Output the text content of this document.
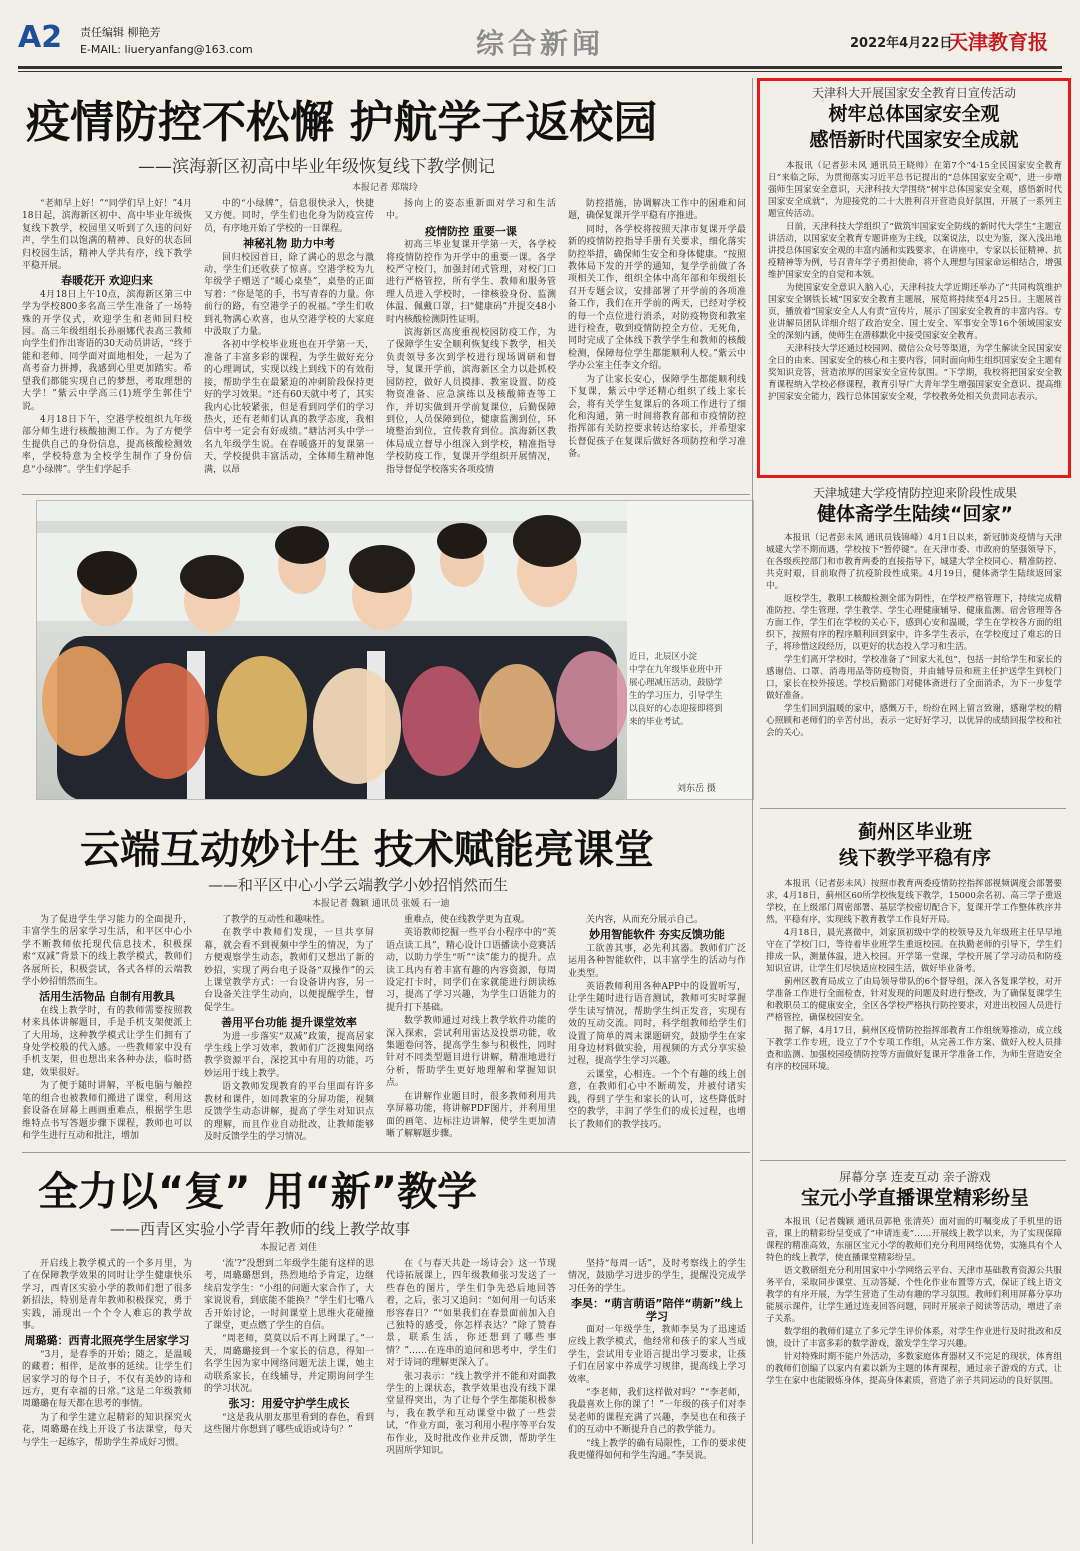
A2 责任编辑 柳艳芳
E-MAIL: liueryanfang@163.com	综合新闻	2022年4月22日
天津教育报
疫情防控不松懈 护航学子返校园
——滨海新区初高中毕业年级恢复线下教学侧记
本报记者 郑瑞玲

“老师早上好！”“同学们早上好！”4月18日起，滨海新区初中、高中毕业年级恢复线下教学，校园里又听到了久违的问好声，学生们以饱满的精神、良好的状态回归校园生活，精神人学共有序，线下教学平稳开展。

春暖花开 欢迎归来

4月18日上午10点，滨海新区第三中学为学校800多名高三学生准备了一场特殊的开学仪式，欢迎学生和老师回归校园。高三年级组组长孙丽娜代表高三教师向学生们作出寄语的30天动员讲话，“终于能和老师、同学面对面地相处，一起为了高考奋力拼搏，我感到心里更加踏实。希望我们都能实现自己的梦想，考取理想的大学！”紫云中学高三(1)班学生郭佳宁说。

4月18日下午，空港学校组织九年级部分师生进行核酸抽测工作。为了方便学生提供自己的身份信息，提高核酸检测效率，学校特意为全校学生制作了身份信息“小绿牌”。学生们学起手

中的“小绿牌”，信息很快录入，快捷又方便。同时，学生们也化身为防疫宣传员，有序地开始了学校的一日课程。

神秘礼物 助力中考

回归校园首日，除了满心的思念与激动，学生们还收获了惊喜。空港学校为九年级学子赠送了“暖心桌垫”，桌垫的正面写着：“你是笔的手，书写青春的力量。你前行的路，有空港学子的祝福。”学生们收到礼物满心欢喜，也从空港学校的大家庭中汲取了力量。

各初中学校毕业班也在开学第一天，准备了丰富多彩的课程，为学生做好充分的心理调试，实现以线上到线下的有效衔接，帮助学生在最紧迫的冲刺阶段保持更好的学习效果。“还有60天就中考了，其实我内心比较紧张，但是看到同学们的学习热火，还有老师们认真的教学态度，我相信中考一定会有好成绩。”塘沽河头中学一名九年级学生说。在春暖盛开的复课第一天，学校提供丰富活动，全体师生精神饱满，以昂

扬向上的姿态重新面对学习和生活中。

疫情防控 重要一课

初高三毕业复课开学第一天，各学校将疫情防控作为开学中的重要一课。各学校严守校门，加强封闭式管理，对校门口进行严格管控，所有学生、教师和服务管理人员进入学校时，一律核验身份、监测体温、佩戴口罩，扫“健康码”并提交48小时内核酸检测阴性证明。

滨海新区高度重视校园防疫工作，为了保障学生安全顺利恢复线下教学，相关负责领导多次到学校进行现场调研和督导，复课开学前，滨海新区全力以赴抓校园防控，做好人员摸排、教室设置、防疫物资准备、应急演练以及核酸筛查等工作，并切实做到开学前复课位，后勤保障到位，人员保障到位，健康监测到位，环境整治到位，宣传教育到位。滨海新区教体局成立督导小组深入到学校，精准指导学校防疫工作，复课开学组织开展情况，指导督促学校落实各项疫情

防控措施，协调解决工作中的困难和问题，确保复课开学平稳有序推进。

同时，各学校将按照天津市复课开学最新的疫情防控指导手册有关要求，细化落实防控举措，确保师生安全和身体健康。“按照教体局下发的开学的通知，复学学前做了各项相关工作，组织全体中高年部和年级组长召开专题会议，安排部署了开学前的各项准备工作，我们在开学前的两天，已经对学校的每一个点位进行消杀，对防疫物资和教室进行检查，敬到疫情防控全方位、无死角，同时完成了全体线下教学学生和教师的核酸检测，保障每位学生都能顺利人校。”紫云中学办公室主任李文介绍。

为了让家长安心，保障学生都能顺利线下复课，紫云中学还精心组织了线上家长会，将有关学生复课后的各项工作进行了细化和沟通，第一时间将教育部和市疫情防控指挥部有关防控要求转达给家长，并希望家长督促孩子在复课后做好各项防控和学习准备。

天津科大开展国家安全教育日宣传活动
树牢总体国家安全观
感悟新时代国家安全成就

本报讯（记者彭未风 通讯员王晓帅）在第7个“4·15全民国家安全教育日”来临之际，为贯彻落实习近平总书记提出的“总体国家安全观”，进一步增强师生国家安全意识，天津科技大学围绕“树牢总体国家安全观，感悟新时代国家安全成就”，为迎接党的二十大胜利召开营造良好氛围，开展了一系列主题宣传活动。

日前，天津科技大学组织了“做筑牢国家安全防线的新时代大学生”主题宣讲活动，以国家安全教育专题讲座为主线，以案说法，以史为鉴，深入浅出地讲授总体国家安全观的丰富内涵和实践要求，在讲座中，专家以长征精神、抗疫精神等为例，号召青年学子勇担使命，将个人理想与国家命运相结合，增强维护国家安全的自觉和本领。

为使国家安全意识入脑入心，天津科技大学近期还举办了“共同构筑维护国家安全钢铁长城”国家安全教育主题展，展览将持续至4月25日。主题展首页，播放着“国家安全人人有责”宣传片，展示了国家安全教育的丰富内容。专业讲解员团队详细介绍了政治安全、国土安全、军事安全等16个领域国家安全的深刻内涵，使师生在潜移默化中接受国家安全教育。

天津科技大学还通过校园网、微信公众号等渠道，为学生解读全民国家安全日的由来、国家安全的核心和主要内容，同时面向师生组织国家安全主题有奖知识竞答，营造浓厚的国家安全宣传氛围。“下学期，我校将把国家安全教育课程纳入学校必修课程，教育引导广大青年学生增强国家安全意识、提高维护国家安全能力，践行总体国家安全观，学校教务处相关负责同志表示。

近日，北辰区小淀
中学在九年级毕业班中开
展心理减压活动，鼓励学
生的学习压力，引导学生
以良好的心态迎接即将到
来的毕业考试。
刘东岳 摄
天津城建大学疫情防控迎来阶段性成果
健体斋学生陆续“回家”

本报讯（记者彭未风 通讯员钱锦峰）4月1日以来，新冠肺炎疫情与天津城建大学不期而遇，学校按下“暂停键”。在天津市委、市政府的坚强领导下，在各级疾控部门和市教育两委的直接指导下，城建大学全校同心、精准防控、共克时艰，目前取得了抗疫阶段性成果。4月19日，健体斋学生陆续返回家中。

返校学生，教职工核酸检测全部为阴性，在学校严格管理下，持续完成精准防控、学生管理、学生教学、学生心理健康辅导、健康监测、宿舍管理等各方面工作，学生们在学校的关心下，感到心安和温暖，学生在学校各方面的组织下，按照有序的程序顺利回到家中，许多学生表示，在学校度过了难忘的日子，将珍惜这段经历，以更好的状态投入学习和生活。

学生们离开学校时，学校准备了“回家大礼包”，包括一封给学生和家长的感谢信、口罩、消毒用品等防疫物资，并由辅导员和班主任护送学生到校门口，家长在校外接送。学校后勤部门对健体斋进行了全面消杀，为下一步复学做好准备。

学生们回到温暖的家中，感慨万千，纷纷在网上留言致谢，感谢学校的精心照顾和老师们的辛苦付出，表示一定好好学习，以优异的成绩回报学校和社会的关心。

云端互动妙计生 技术赋能亮课堂
——和平区中心小学云端教学小妙招悄然而生
本报记者 魏颖 通讯员 张媛 石一迪

为了促进学生学习能力的全面提升，丰富学生的居家学习生活，和平区中心小学不断教师依托现代信息技术，积极探索“双减”背景下的线上教学模式，教师们各展所长，积极尝试，各式各样的云端教学小妙招悄然而生。

活用生活物品 自制有用教具

在线上教学时，有的教师需要按照教材来具体讲解题目，手是手机支架便派上了大用场，这种教学模式让学生们拥有了身处学校般的代入感。一些教师家中没有手机支架，但也想出来各种办法，临时搭建，效果很好。

为了便于随时讲解，平板电脑与触控笔的组合也被教师们搬进了课堂，利用这套设备在屏幕上画画重难点，根据学生思维特点书写答题步骤下课程，教师也可以和学生进行互动和批注，增加

了教学的互动性和趣味性。

在教学中教师们发现，一旦共享屏幕，就会看不到视频中学生的情况，为了方便观察学生动态，教师们又想出了新的妙招，实现了两台电子设备“双操作”的云上课堂教学方式：一台设备讲内容，另一台设备关注学生动向，以便提醒学生，督促学生。

善用平台功能 提升课堂效率

为进一步落实“双减”政策，提高居家学生线上学习效率，教师们广泛搜集网络教学资源平台，深挖其中有用的功能，巧妙运用于线上教学。

语文教师发现教育的平台里面有许多教材和课件，如同教室的分屏功能，视频反馈学生动态讲解，提高了学生对知识点的理解，而且作业自动批改，让教师能够及时反馈学生的学习情况。

重难点，使在线教学更为直观。

英语教师挖掘一些平台小程序中的“英语点读工具”，精心设计口语播读小竞赛活动，以助力学生“听”“读”能力的提升。点读工具内有着丰富有趣的内容资源，每周设定打卡时，同学们在家就能进行朗读练习，提高了学习兴趣，为学生口语能力的提升打下基础。

数学教师通过对线上教学软件功能的深入探索，尝试利用雷达及投票功能，收集题卷问答，提高学生参与积极性，同时针对不同类型题目进行讲解，精准地进行分析，帮助学生更好地理解和掌握知识点。

在讲解作业题目时，很多教师利用共享屏幕功能，将讲解PDF图片，并利用里面的画笔、边标注边讲解，使学生更加清晰了解解题步骤。

关内容，从而充分展示自己。

妙用智能软件 夯实反馈功能

工欲善其事，必先利其器。教师们广泛运用各种智能软件，以丰富学生的活动与作业类型。

英语教师利用各种APP中的设置听写，让学生随时进行语音测试，教师可实时掌握学生读写情况，帮助学生纠正发音，实现有效的互动交流。同时，科学组教师给学生们设置了简单的周末课题研究，鼓励学生在家用身边材料做实验，用视频的方式分享实验过程，提高学生学习兴趣。

云课堂，心相连。一个个有趣的线上创意，在教师们心中不断萌发，并被付诸实践，得到了学生和家长的认可，这些降低时空的教学，丰润了学生们的成长过程，也增长了教师们的教学技巧。

蓟州区毕业班
线下教学平稳有序

本报讯（记者彭未风）按照市教育两委疫情防控指挥部视频调度会部署要求，4月18日，蓟州区60所学校恢复线下教学，15000余名初、高三学子重返学校，在上级部门周密部署、基层学校密切配合下，复课开学工作整体秩序井然，平稳有序，实现线下教育教学工作良好开局。

4月18日，晨光熹微中，刘家顶初级中学的校领导及九年级班主任早早地守在了学校门口，等待着毕业班学生重返校园。在执勤老师的引导下，学生们排成一队，测量体温，进入校园。开学第一堂课，学校开展了学习动员和防疫知识宣讲，让学生们尽快适应校园生活，做好毕业备考。

蓟州区教育局成立了由局领导带队的6个督导组，深入各复课学校，对开学准备工作进行全面检查，针对发现的问题及时进行整改，为了确保复课学生和教职员工的健康安全，全区各学校严格执行防控要求，对进出校园人员进行严格管控，确保校园安全。

据了解，4月17日，蓟州区疫情防控指挥部教育工作组统筹推动，成立线下教学工作专班，设立了7个专项工作组，从完善工作方案、做好入校人员排查和监测、加强校园疫情防控等方面做好复课开学准备工作，为师生营造安全有序的校园环境。

全力以“复” 用“新”教学
——西青区实验小学青年教师的线上教学故事
本报记者 刘佳

开启线上教学模式的一个多月里，为了在保障教学效果的同时让学生健康快乐学习，西青区实验小学的教师们想了很多新招法，特别是青年教师积极探究，勇于实践，涌现出一个个令人难忘的教学故事。

周璐璐：西青北照亮学生居家学习

“3月，是春季的开始；随之，是温暖的藏着；相伴，是故事的延续。让学生们居家学习的每个日子，不仅有美妙的诗和远方，更有幸福的日常。”这是二年级教师周璐璐在每天都在思考的事情。

为了和学生建立起精彩的知识探究火花，周璐璐在线上开设了书法课堂，每天与学生一起练字，帮助学生养成好习惯。

‘流’?”没想到二年级学生能有这样的思考，周璐璐想到，热烈地给予肯定，边继续启发学生：“小组的问题大家合作了，大家说说看，到底能不能换？”学生们七嘴八舌开始讨论，一时间课堂上思维火花碰撞了课堂，更点燃了学生的自信。

“周老师，莫莫以后不再上网课了。”一天，周璐璐接到一个家长的信息，得知一名学生因为家中网络问题无法上课，她主动联系家长，在线辅导，并定期询问学生的学习状况。

张习：用爱守护学生成长

“这是我从朋友那里看到的春色，看到这些图片你想到了哪些成语或诗句？”

在《与春天共赴一场诗会》这一节现代诗拓展课上，四年级教师张习发送了一些春色的图片，学生们争先恐后地回答着，之后，张习又追问：“如何用一句话来形容春日？”“如果我们在春景面前加入自己独特的感受，你怎样表达？”除了赞春景，联系生活，你还想到了哪些事情？”……在连串的追问和思考中，学生们对于诗词的理解更深入了。

张习表示：“线上教学并不能和对面教学生的上课状态，教学效果也没有线下课堂显得突出，为了让每个学生都能积极参与，我在教学和互动课堂中做了一些尝试，“作业方面，张习利用小程序等平台发布作业，及时批改作业并反馈，帮助学生巩固所学知识。

坚持“每周一话”，及时考察线上的学生情况，鼓励学习进步的学生，提醒没完成学习任务的学生。

李昊：“萌言萌语”陪伴“萌新”线上学习

面对一年级学生，教师李昊为了迅速适应线上教学模式，他经常和孩子的家人当成学生，尝试用专业语言提出学习要求，让孩子们在居家中养成学习规律，提高线上学习效率。

“李老师，我们这样做对吗？”“李老师，我最喜欢上你的课了！”一年级的孩子们对李昊老师的课程充满了兴趣，李昊也在和孩子们的互动中不断提升自己的教学能力。

“线上教学的确有局限性，工作的要求使我更懂得如何和学生沟通。”李昊说。

屏幕分享 连麦互动 亲子游戏
宝元小学直播课堂精彩纷呈

本报讯（记者魏颖 通讯员郭艳 张清英）面对面的叮嘱变成了手机里的语音，课上的精彩纷呈变成了“申请连麦”……开展线上教学以来，为了实现保障课程的精准高效，东丽区宝元小学的教师们充分利用网络优势，实施具有个人特色的线上教学，使直播课堂精彩纷呈。

语文教研组充分利用国家中小学网络云平台、天津市基础教育资源公共服务平台，采取同步课堂、互动答疑、个性化作业布置等方式，保证了线上语文教学的有序开展，为学生营造了生动有趣的学习氛围。教师们利用屏幕分享功能展示课件，让学生通过连麦回答问题，同时开展亲子阅读等活动，增进了亲子关系。

数学组的教师们建立了多元学生评价体系，对学生作业进行及时批改和反馈，设计了丰富多彩的数学游戏，激发学生学习兴趣。

针对特殊时期不能户外活动，多数家庭体育器材又不完足的现状，体育组的教师们创编了以家内有素以新为主题的体育课程，通过亲子游戏的方式，让学生在家中也能锻炼身体，提高身体素质，营造了亲子共同运动的良好氛围。
